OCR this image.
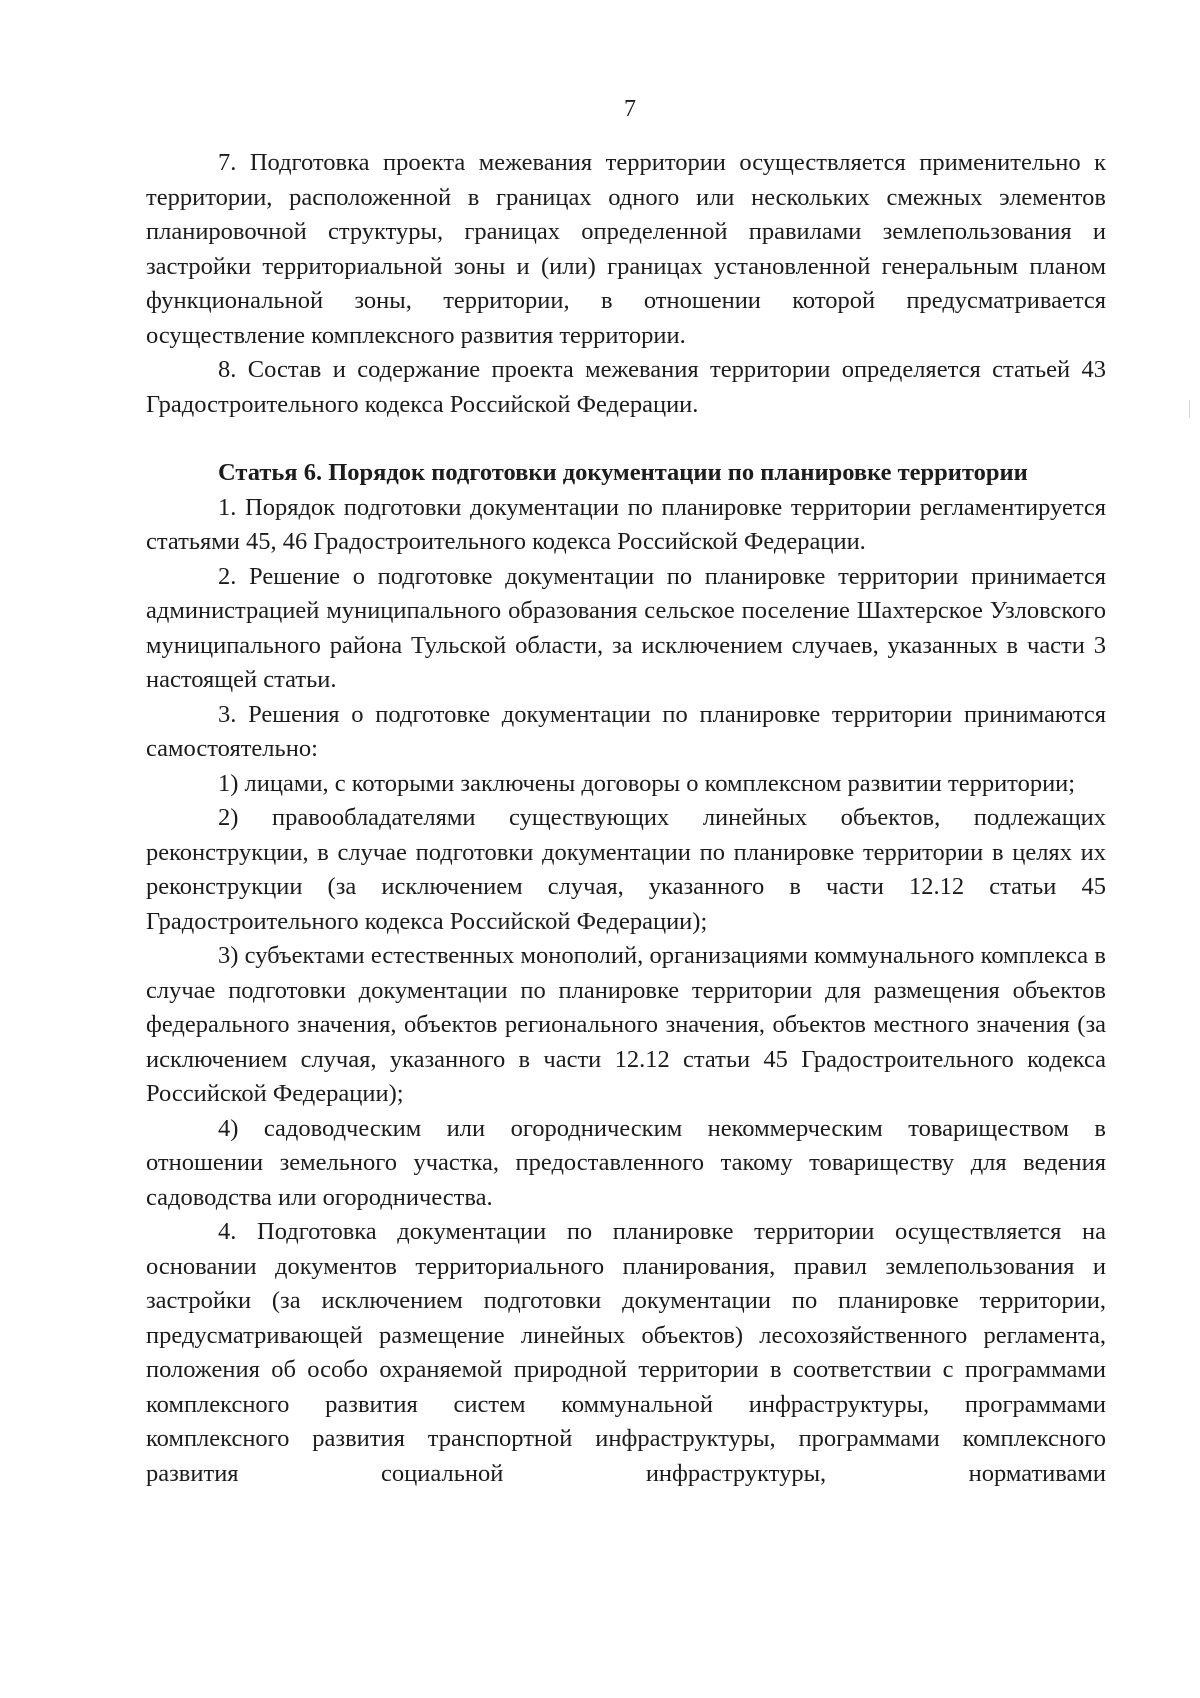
7

7. Подготовка проекта межевания территории осуществляется применительно к территории, расположенной в границах одного или нескольких смежных элементов планировочной структуры, границах определенной правилами землепользования и застройки территориальной зоны и (или) границах установленной генеральным планом функциональной зоны, территории, в отношении которой предусматривается осуществление комплексного развития территории.

8. Состав и содержание проекта межевания территории определяется статьей 43 Градостроительного кодекса Российской Федерации.

Статья 6. Порядок подготовки документации по планировке территории

1. Порядок подготовки документации по планировке территории регламентируется статьями 45, 46 Градостроительного кодекса Российской Федерации.

2. Решение о подготовке документации по планировке территории принимается администрацией муниципального образования сельское поселение Шахтерское Узловского муниципального района Тульской области, за исключением случаев, указанных в части 3 настоящей статьи.

3. Решения о подготовке документации по планировке территории принимаются самостоятельно:

1) лицами, с которыми заключены договоры о комплексном развитии территории;

2) правообладателями существующих линейных объектов, подлежащих реконструкции, в случае подготовки документации по планировке территории в целях их реконструкции (за исключением случая, указанного в части 12.12 статьи 45 Градостроительного кодекса Российской Федерации);

3) субъектами естественных монополий, организациями коммунального комплекса в случае подготовки документации по планировке территории для размещения объектов федерального значения, объектов регионального значения, объектов местного значения (за исключением случая, указанного в части 12.12 статьи 45 Градостроительного кодекса Российской Федерации);

4) садоводческим или огородническим некоммерческим товариществом в отношении земельного участка, предоставленного такому товариществу для ведения садоводства или огородничества.

4. Подготовка документации по планировке территории осуществляется на основании документов территориального планирования, правил землепользования и застройки (за исключением подготовки документации по планировке территории, предусматривающей размещение линейных объектов) лесохозяйственного регламента, положения об особо охраняемой природной территории в соответствии с программами комплексного развития систем коммунальной инфраструктуры, программами комплексного развития транспортной инфраструктуры, программами комплексного развития социальной инфраструктуры, нормативами
